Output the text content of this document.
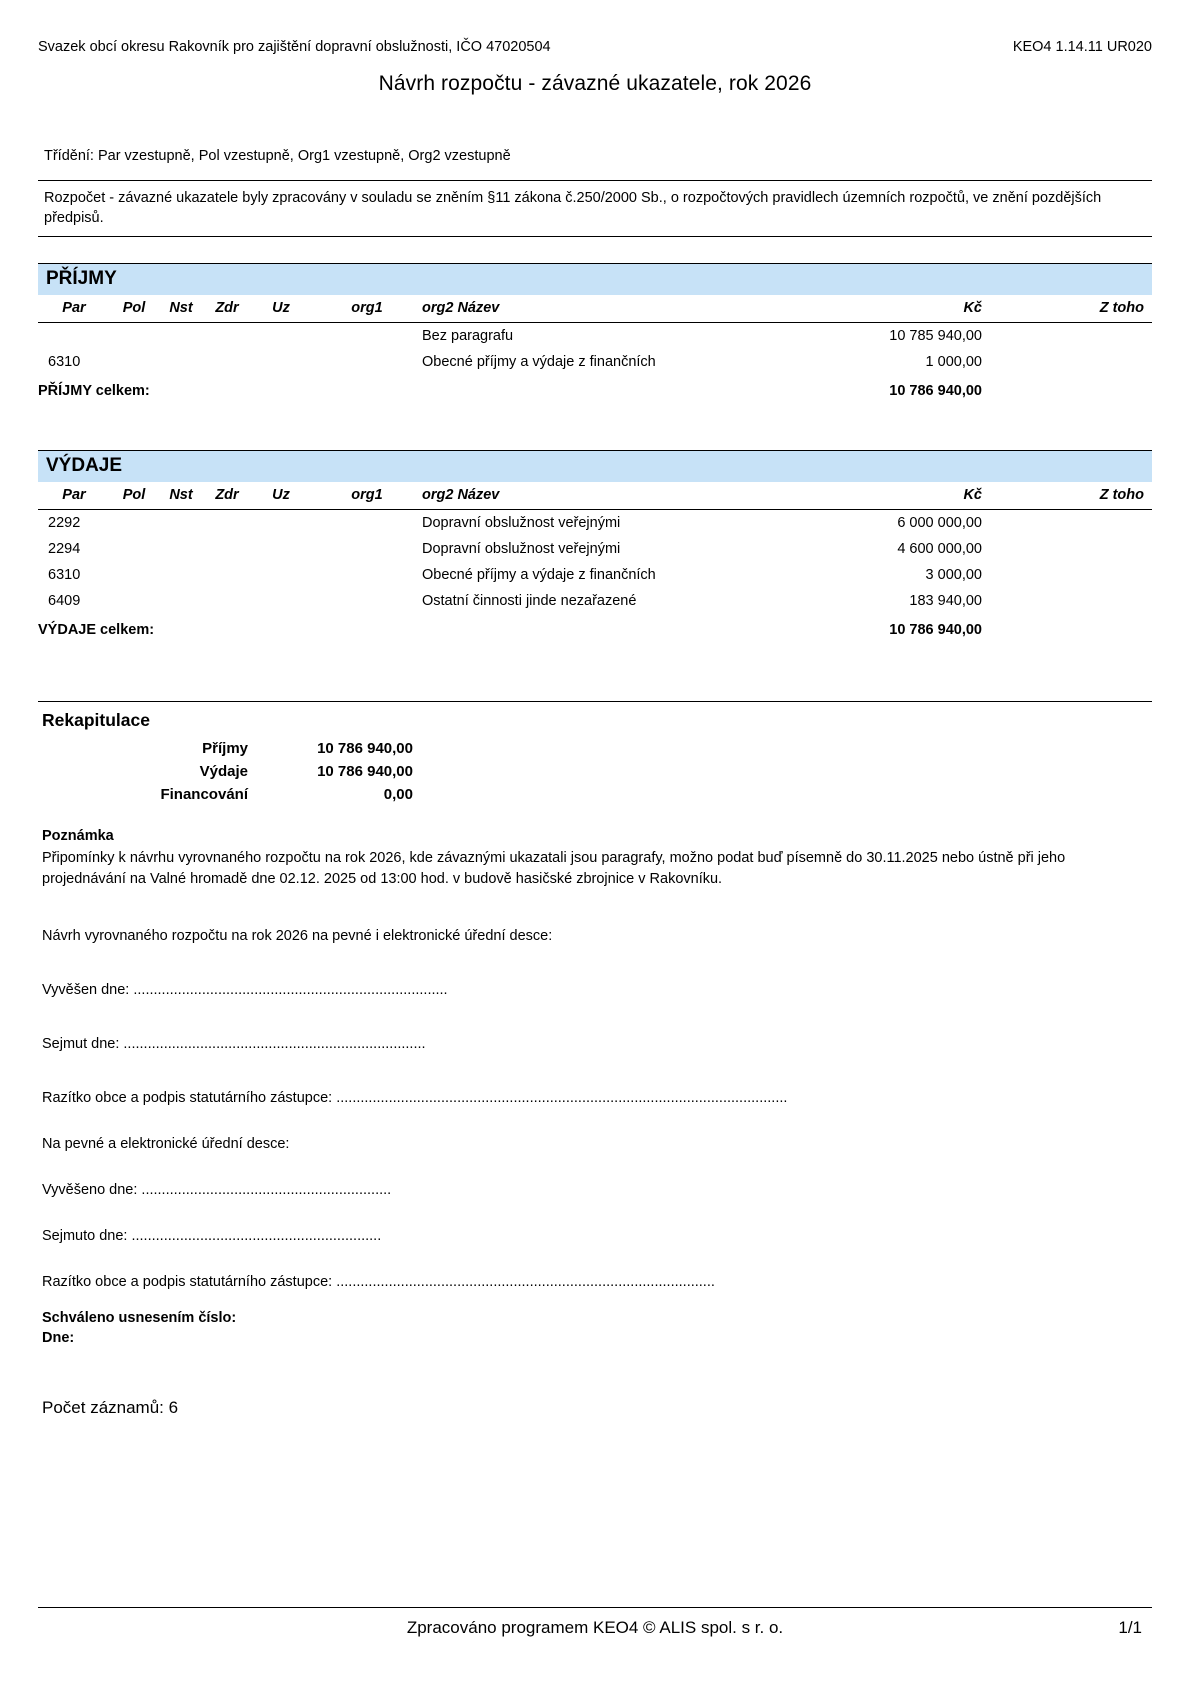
Svazek obcí okresu Rakovník pro zajištění dopravní obslužnosti, IČO 47020504	KEO4 1.14.11 UR020
Návrh rozpočtu - závazné ukazatele, rok 2026
Třídění: Par vzestupně, Pol vzestupně, Org1 vzestupně, Org2 vzestupně
Rozpočet - závazné ukazatele byly zpracovány v souladu se zněním §11 zákona č.250/2000 Sb., o rozpočtových pravidlech územních rozpočtů, ve znění pozdějších předpisů.
PŘÍJMY
Par	Pol	Nst	Zdr	Uz	org1	org2 Název	Kč	Z toho
						Bez paragrafu	10 785 940,00	
6310						Obecné příjmy a výdaje z finančních	1 000,00	
PŘÍJMY celkem:							10 786 940,00	
VÝDAJE
Par	Pol	Nst	Zdr	Uz	org1	org2 Název	Kč	Z toho
2292						Dopravní obslužnost veřejnými	6 000 000,00	
2294						Dopravní obslužnost veřejnými	4 600 000,00	
6310						Obecné příjmy a výdaje z finančních	3 000,00	
6409						Ostatní činnosti jinde nezařazené	183 940,00	
VÝDAJE celkem:							10 786 940,00	
Rekapitulace
Příjmy	10 786 940,00
Výdaje	10 786 940,00
Financování	0,00
Poznámka
Připomínky k návrhu vyrovnaného rozpočtu na rok 2026, kde závaznými ukazatali jsou paragrafy, možno podat buď písemně do 30.11.2025 nebo ústně při jeho projednávání na Valné hromadě dne 02.12. 2025 od 13:00 hod. v budově hasičské zbrojnice v Rakovníku.
Návrh vyrovnaného rozpočtu na rok 2026 na pevné i elektronické úřední desce:
Vyvěšen dne: ..............................................................................
Sejmut dne: ...........................................................................
Razítko obce a podpis statutárního zástupce: ................................................................................................................
Na pevné a elektronické úřední desce:
Vyvěšeno dne: ..............................................................
Sejmuto dne: ..............................................................
Razítko obce a podpis statutárního zástupce: ..............................................................................................
Schváleno usnesením číslo:
Dne:
Počet záznamů: 6
Zpracováno programem KEO4 © ALIS spol. s r. o.	1/1
